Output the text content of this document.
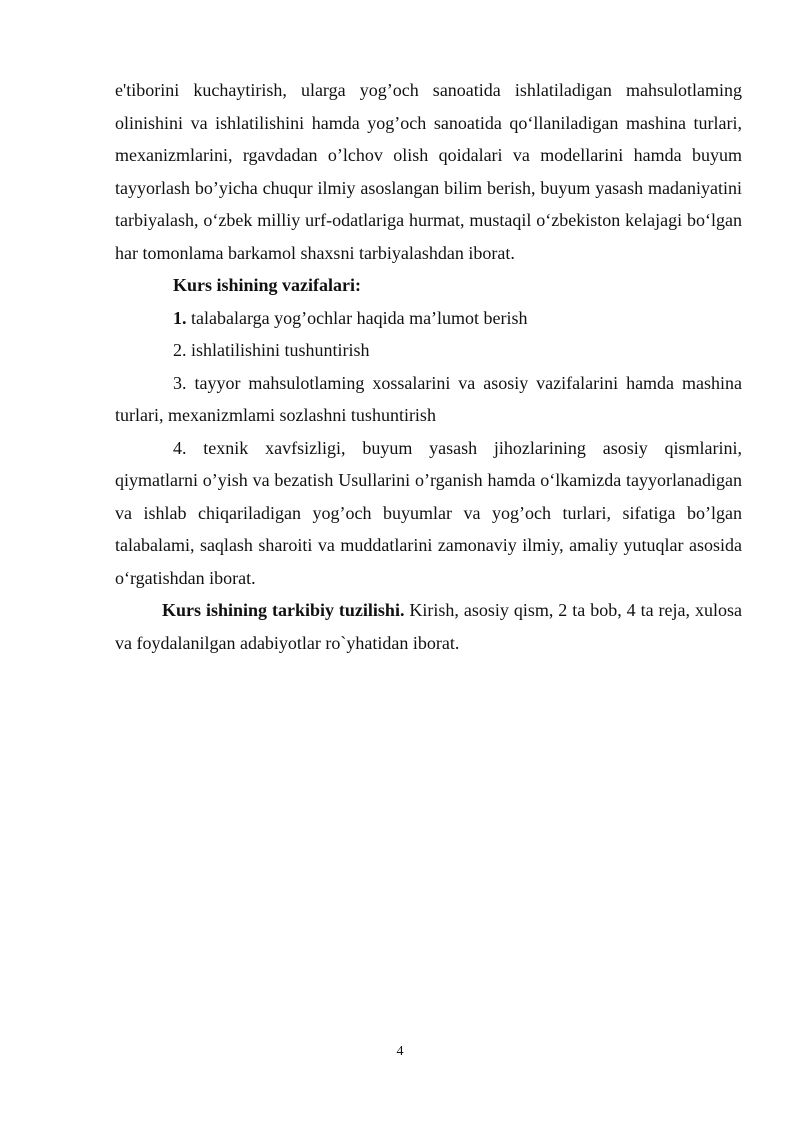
e'tiborini kuchaytirish, ularga yog’och sanoatida ishlatiladigan mahsulotlaming olinishini va ishlatilishini hamda yog’och sanoatida qo‘llaniladigan mashina turlari, mexanizmlarini, rgavdadan o’lchov olish qoidalari va modellarini hamda buyum tayyorlash bo’yicha chuqur ilmiy asoslangan bilim berish, buyum yasash madaniyatini tarbiyalash, o‘zbek milliy urf-odatlariga hurmat, mustaqil o‘zbekiston kelajagi bo‘lgan har tomonlama barkamol shaxsni tarbiyalashdan iborat.

Kurs ishining vazifalari:

1. talabalarga yog’ochlar haqida ma’lumot berish

2. ishlatilishini tushuntirish

3. tayyor mahsulotlaming xossalarini va asosiy vazifalarini hamda mashina turlari, mexanizmlami sozlashni tushuntirish

4. texnik xavfsizligi, buyum yasash jihozlarining asosiy qismlarini, qiymatlarni o’yish va bezatish Usullarini o’rganish hamda o‘lkamizda tayyorlanadigan va ishlab chiqariladigan yog’och buyumlar va yog’och turlari, sifatiga bo’lgan talabalami, saqlash sharoiti va muddatlarini zamonaviy ilmiy, amaliy yutuqlar asosida o‘rgatishdan iborat.

Kurs ishining tarkibiy tuzilishi. Kirish, asosiy qism, 2 ta bob, 4 ta reja, xulosa va foydalanilgan adabiyotlar ro`yhatidan iborat.

4
